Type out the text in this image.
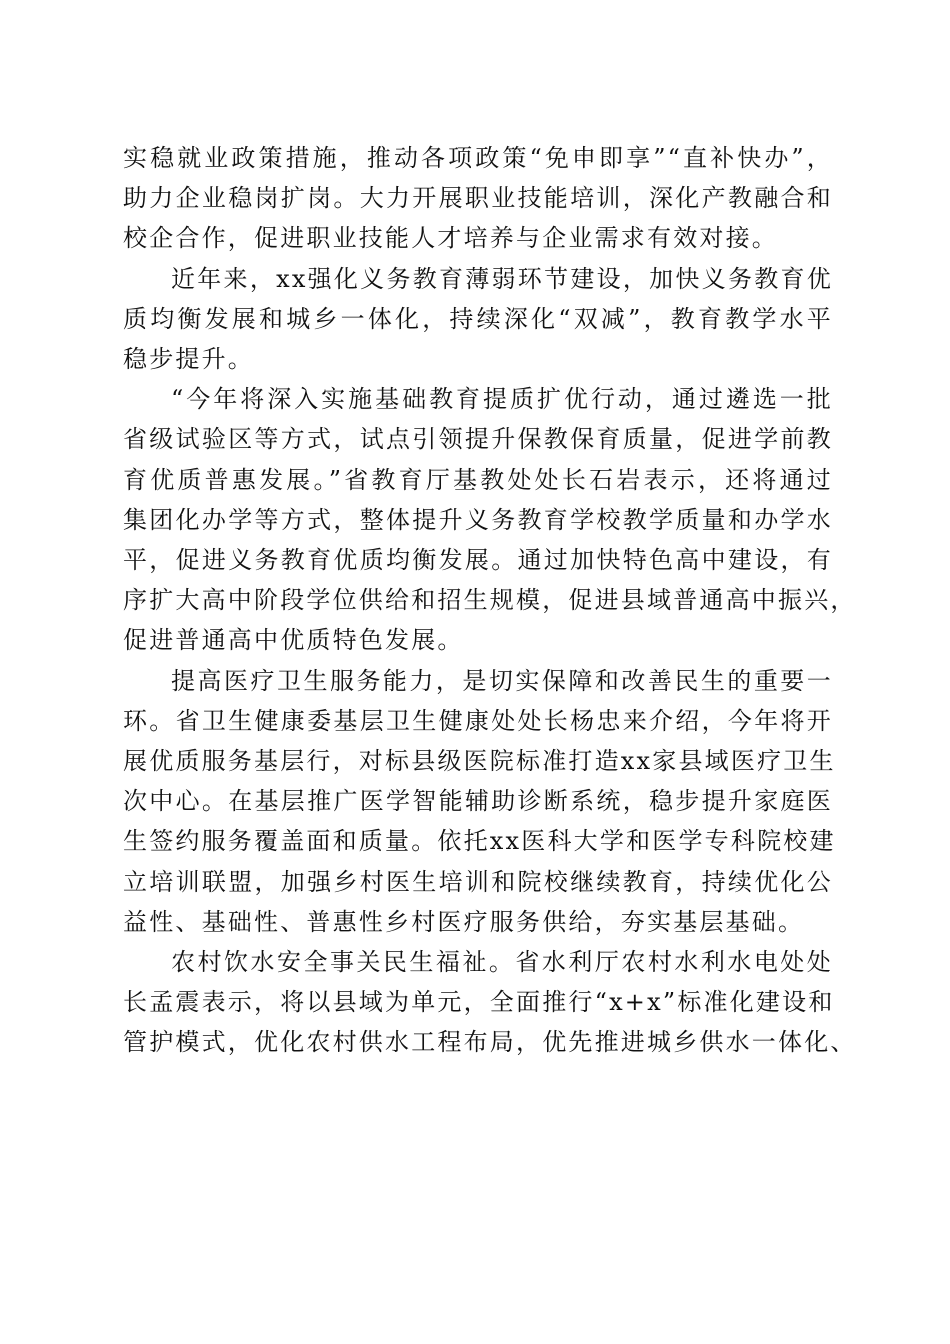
实稳就业政策措施，推动各项政策“免申即享”“直补快办”，
助力企业稳岗扩岗。大力开展职业技能培训，深化产教融合和
校企合作，促进职业技能人才培养与企业需求有效对接。
近年来，xx强化义务教育薄弱环节建设，加快义务教育优
质均衡发展和城乡一体化，持续深化“双减”，教育教学水平
稳步提升。
“今年将深入实施基础教育提质扩优行动，通过遴选一批
省级试验区等方式，试点引领提升保教保育质量，促进学前教
育优质普惠发展。”省教育厅基教处处长石岩表示，还将通过
集团化办学等方式，整体提升义务教育学校教学质量和办学水
平，促进义务教育优质均衡发展。通过加快特色高中建设，有
序扩大高中阶段学位供给和招生规模，促进县域普通高中振兴，
促进普通高中优质特色发展。
提高医疗卫生服务能力，是切实保障和改善民生的重要一
环。省卫生健康委基层卫生健康处处长杨忠来介绍，今年将开
展优质服务基层行，对标县级医院标准打造xx家县域医疗卫生
次中心。在基层推广医学智能辅助诊断系统，稳步提升家庭医
生签约服务覆盖面和质量。依托xx医科大学和医学专科院校建
立培训联盟，加强乡村医生培训和院校继续教育，持续优化公
益性、基础性、普惠性乡村医疗服务供给，夯实基层基础。
农村饮水安全事关民生福祉。省水利厅农村水利水电处处
长孟震表示，将以县域为单元，全面推行“x+x”标准化建设和
管护模式，优化农村供水工程布局，优先推进城乡供水一体化、
